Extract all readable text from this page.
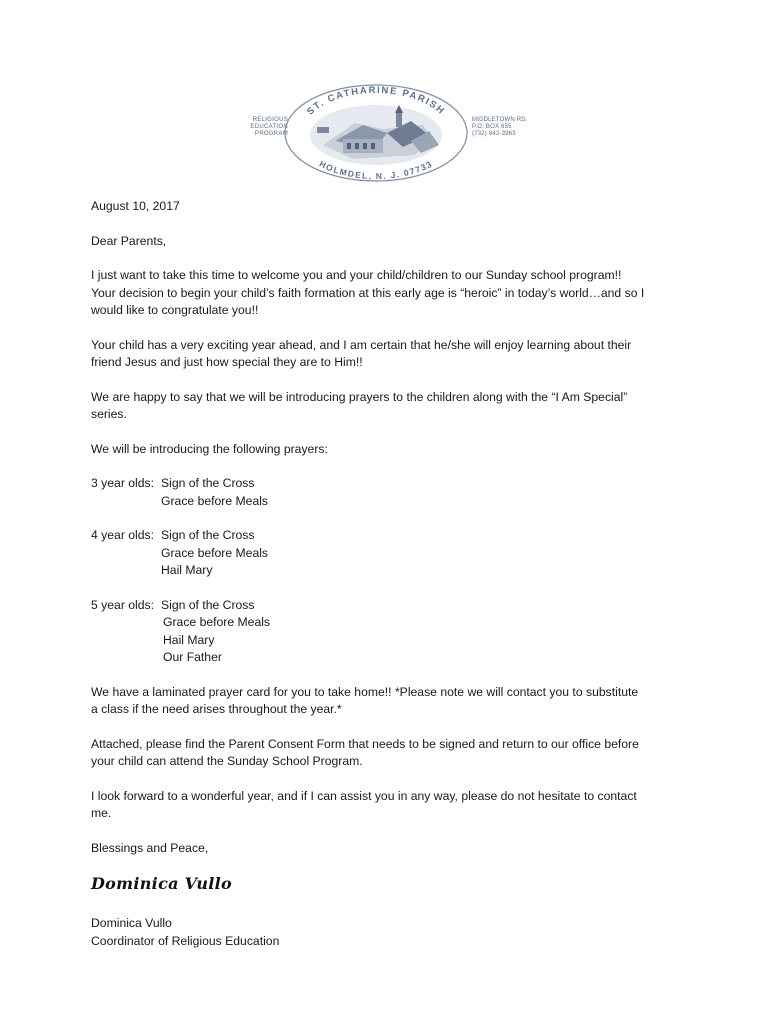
RELIGIOUS
EDUCATION
PROGRAM
ST. CATHARINE PARISH
HOLMDEL, N. J. 07733
MIDDLETOWN RD.
P.O. BOX 655
(732) 842-3963
August 10, 2017
Dear Parents,
I just want to take this time to welcome you and your child/children to our Sunday school program!!
Your decision to begin your child’s faith formation at this early age is “heroic” in today’s world…and so I
would like to congratulate you!!
Your child has a very exciting year ahead, and I am certain that he/she will enjoy learning about their
friend Jesus and just how special they are to Him!!
We are happy to say that we will be introducing prayers to the children along with the “I Am Special”
series.
We will be introducing the following prayers:
3 year olds: Sign of the Cross
Grace before Meals
4 year olds: Sign of the Cross
Grace before Meals
Hail Mary
5 year olds: Sign of the Cross
Grace before Meals
Hail Mary
Our Father
We have a laminated prayer card for you to take home!! *Please note we will contact you to substitute
a class if the need arises throughout the year.*
Attached, please find the Parent Consent Form that needs to be signed and return to our office before
your child can attend the Sunday School Program.
I look forward to a wonderful year, and if I can assist you in any way, please do not hesitate to contact
me.
Blessings and Peace,
Dominica Vullo
Dominica Vullo
Coordinator of Religious Education
